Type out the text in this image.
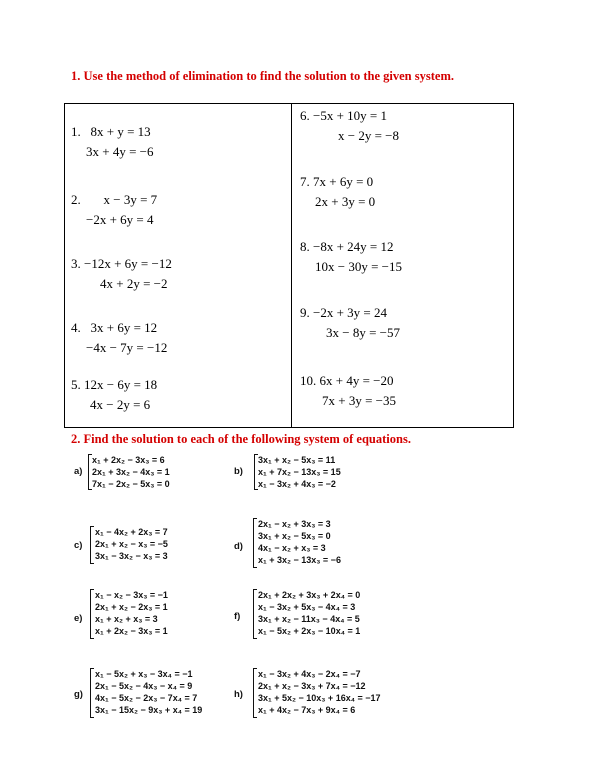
1. Use the method of elimination to find the solution to the given system.
1. 8x + y = 13
3x + 4y = −6
2. x − 3y = 7
−2x + 6y = 4
3. −12x + 6y = −12
4x + 2y = −2
4. 3x + 6y = 12
−4x − 7y = −12
5. 12x − 6y = 18
4x − 2y = 6
6. −5x + 10y = 1
x − 2y = −8
7. 7x + 6y = 0
2x + 3y = 0
8. −8x + 24y = 12
10x − 30y = −15
9. −2x + 3y = 24
3x − 8y = −57
10. 6x + 4y = −20
7x + 3y = −35
2. Find the solution to each of the following system of equations.
a)
x₁ + 2x₂ − 3x₃ = 6
2x₁ + 3x₂ − 4x₃ = 1
7x₁ − 2x₂ − 5x₃ = 0
b)
3x₁ + x₂ − 5x₃ = 11
x₁ + 7x₂ − 13x₃ = 15
x₁ − 3x₂ + 4x₃ = −2
c)
x₁ − 4x₂ + 2x₃ = 7
2x₁ + x₂ − x₃ = −5
3x₁ − 3x₂ − x₃ = 3
d)
2x₁ − x₂ + 3x₃ = 3
3x₁ + x₂ − 5x₃ = 0
4x₁ − x₂ + x₃ = 3
x₁ + 3x₂ − 13x₃ = −6
e)
x₁ − x₂ − 3x₃ = −1
2x₁ + x₂ − 2x₃ = 1
x₁ + x₂ + x₃ = 3
x₁ + 2x₂ − 3x₃ = 1
f)
2x₁ + 2x₂ + 3x₃ + 2x₄ = 0
x₁ − 3x₂ + 5x₃ − 4x₄ = 3
3x₁ + x₂ − 11x₃ − 4x₄ = 5
x₁ − 5x₂ + 2x₃ − 10x₄ = 1
g)
x₁ − 5x₂ + x₃ − 3x₄ = −1
2x₁ − 5x₂ − 4x₃ − x₄ = 9
4x₁ − 5x₂ − 2x₃ − 7x₄ = 7
3x₁ − 15x₂ − 9x₃ + x₄ = 19
h)
x₁ − 3x₂ + 4x₃ − 2x₄ = −7
2x₁ + x₂ − 3x₃ + 7x₄ = −12
3x₁ + 5x₂ − 10x₃ + 16x₄ = −17
x₁ + 4x₂ − 7x₃ + 9x₄ = 6
